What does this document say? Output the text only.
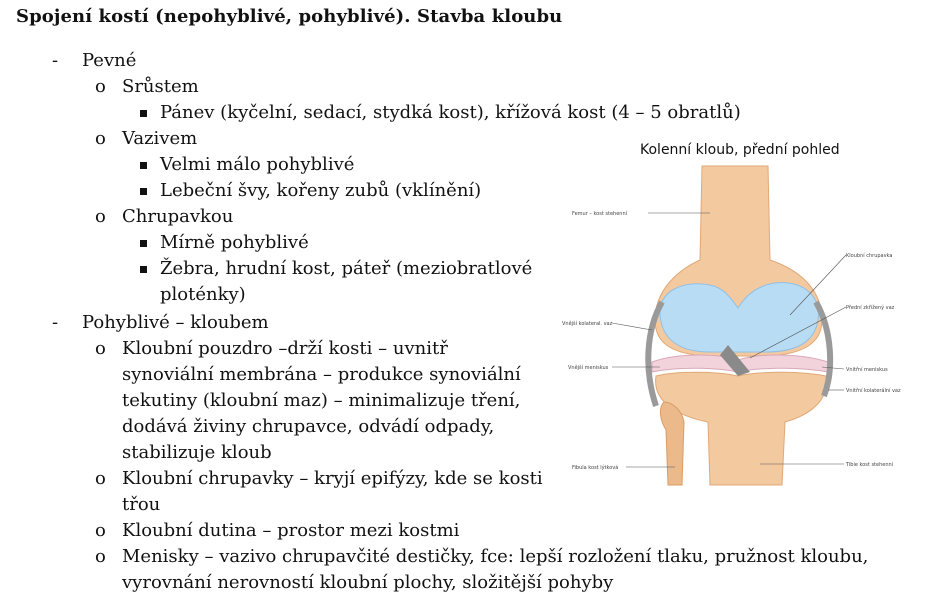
Spojení kostí (nepohyblivé, pohyblivé). Stavba kloubu
- Pevné
o Srůstem
Pánev (kyčelní, sedací, stydká kost), křížová kost (4 – 5 obratlů)
o Vazivem
Velmi málo pohyblivé
Lebeční švy, kořeny zubů (vklínění)
o Chrupavkou
Mírně pohyblivé
Žebra, hrudní kost, páteř (meziobratlové
ploténky)
- Pohyblivé – kloubem
o Kloubní pouzdro –drží kosti – uvnitř
synoviální membrána – produkce synoviální
tekutiny (kloubní maz) – minimalizuje tření,
dodává živiny chrupavce, odvádí odpady,
stabilizuje kloub
o Kloubní chrupavky – kryjí epifýzy, kde se kosti
třou
o Kloubní dutina – prostor mezi kostmi
o Menisky – vazivo chrupavčité destičky, fce: lepší rozložení tlaku, pružnost kloubu,
vyrovnání nerovností kloubní plochy, složitější pohyby
Kolenní kloub, přední pohled
Femur – kost stehenní
Kloubní chrupavka
Přední zkřížený vaz
Vnější kolateral. vaz
Vnější meniskus	Vnitřní meniskus
Vnitřní kolaterální vaz
Fibula kost lýtková	Tibie kost stehenní
